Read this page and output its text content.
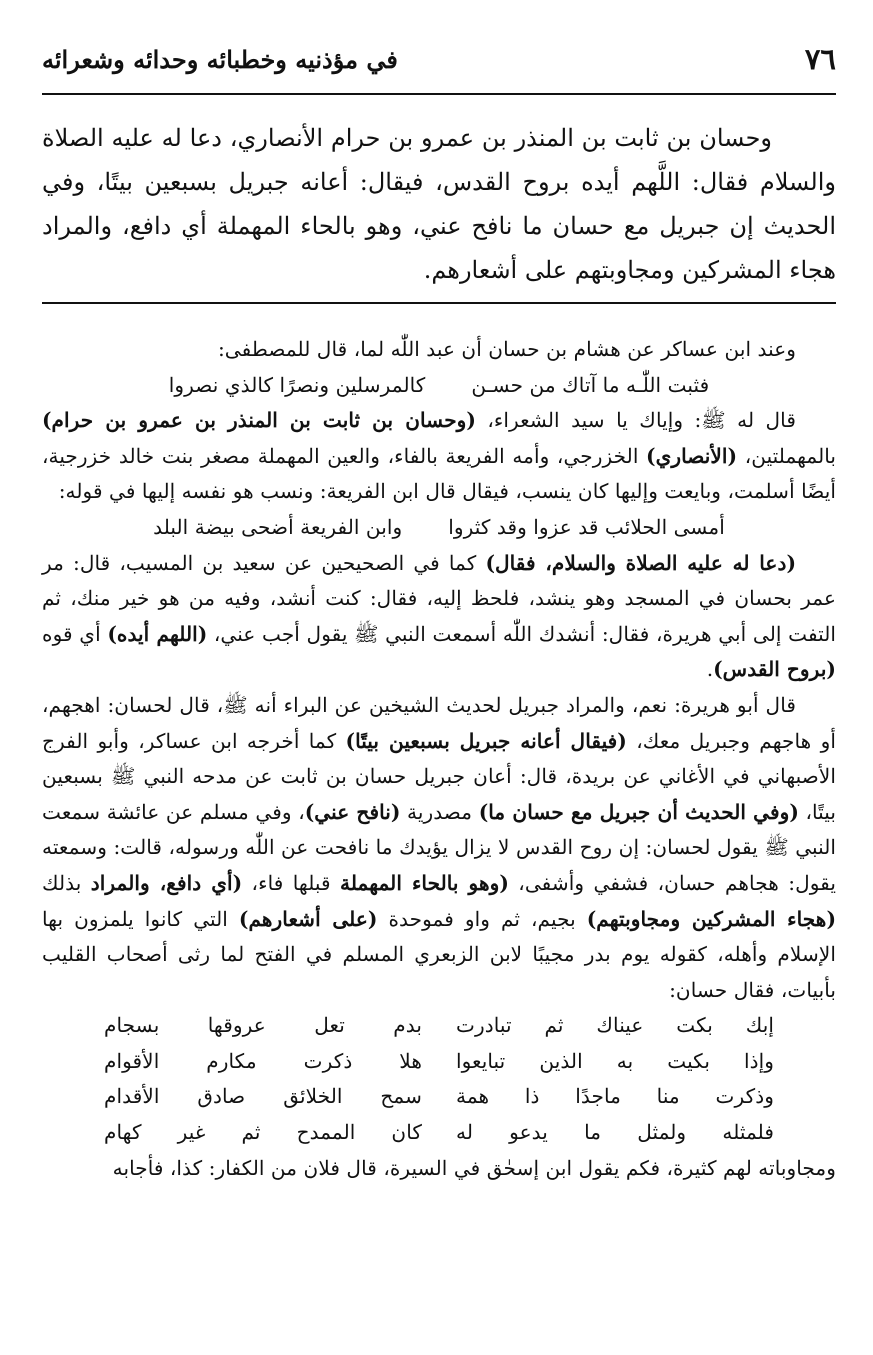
٧٦
في مؤذنيه وخطبائه وحدائه وشعرائه

وحسان بن ثابت بن المنذر بن عمرو بن حرام الأنصاري، دعا له عليه الصلاة والسلام فقال: اللَّهم أيده بروح القدس، فيقال: أعانه جبريل بسبعين بيتًا، وفي الحديث إن جبريل مع حسان ما نافح عني، وهو بالحاء المهملة أي دافع، والمراد هجاء المشركين ومجاوبتهم على أشعارهم.

وعند ابن عساكر عن هشام بن حسان أن عبد اللّٰه لما، قال للمصطفى:

فثبت اللّٰـه ما آتاك من حسـن
كالمرسلين ونصرًا كالذي نصروا

قال له ﷺ: وإياك يا سيد الشعراء، (وحسان بن ثابت بن المنذر بن عمرو بن حرام) بالمهملتين، (الأنصاري) الخزرجي، وأمه الفريعة بالفاء، والعين المهملة مصغر بنت خالد خزرجية، أيضًا أسلمت، وبايعت وإليها كان ينسب، فيقال قال ابن الفريعة: ونسب هو نفسه إليها في قوله:

أمسى الحلائب قد عزوا وقد كثروا
وابن الفريعة أضحى بيضة البلد

(دعا له عليه الصلاة والسلام، فقال) كما في الصحيحين عن سعيد بن المسيب، قال: مر عمر بحسان في المسجد وهو ينشد، فلحظ إليه، فقال: كنت أنشد، وفيه من هو خير منك، ثم التفت إلى أبي هريرة، فقال: أنشدك اللّٰه أسمعت النبي ﷺ يقول أجب عني، (اللهم أيده) أي قوه (بروح القدس).

قال أبو هريرة: نعم، والمراد جبريل لحديث الشيخين عن البراء أنه ﷺ، قال لحسان: اهجهم، أو هاجهم وجبريل معك، (فيقال أعانه جبريل بسبعين بيتًا) كما أخرجه ابن عساكر، وأبو الفرج الأصبهاني في الأغاني عن بريدة، قال: أعان جبريل حسان بن ثابت عن مدحه النبي ﷺ بسبعين بيتًا، (وفي الحديث أن جبريل مع حسان ما) مصدرية (نافح عني)، وفي مسلم عن عائشة سمعت النبي ﷺ يقول لحسان: إن روح القدس لا يزال يؤيدك ما نافحت عن اللّٰه ورسوله، قالت: وسمعته يقول: هجاهم حسان، فشفي وأشفى، (وهو بالحاء المهملة قبلها فاء، (أي دافع، والمراد بذلك (هجاء المشركين ومجاوبتهم) بجيم، ثم واو فموحدة (على أشعارهم) التي كانوا يلمزون بها الإسلام وأهله، كقوله يوم بدر مجيبًا لابن الزبعري المسلم في الفتح لما رثى أصحاب القليب بأبيات، فقال حسان:

إبك بكت عيناك ثم تبادرت
بدم تعل عروقها بسجام
وإذا بكيت به الذين تبايعوا
هلا ذكرت مكارم الأقوام
وذكرت منا ماجدًا ذا همة
سمح الخلائق صادق الأقدام
فلمثله ولمثل ما يدعو له
كان الممدح ثم غير كهام

ومجاوباته لهم كثيرة، فكم يقول ابن إسحٰق في السيرة، قال فلان من الكفار: كذا، فأجابه
